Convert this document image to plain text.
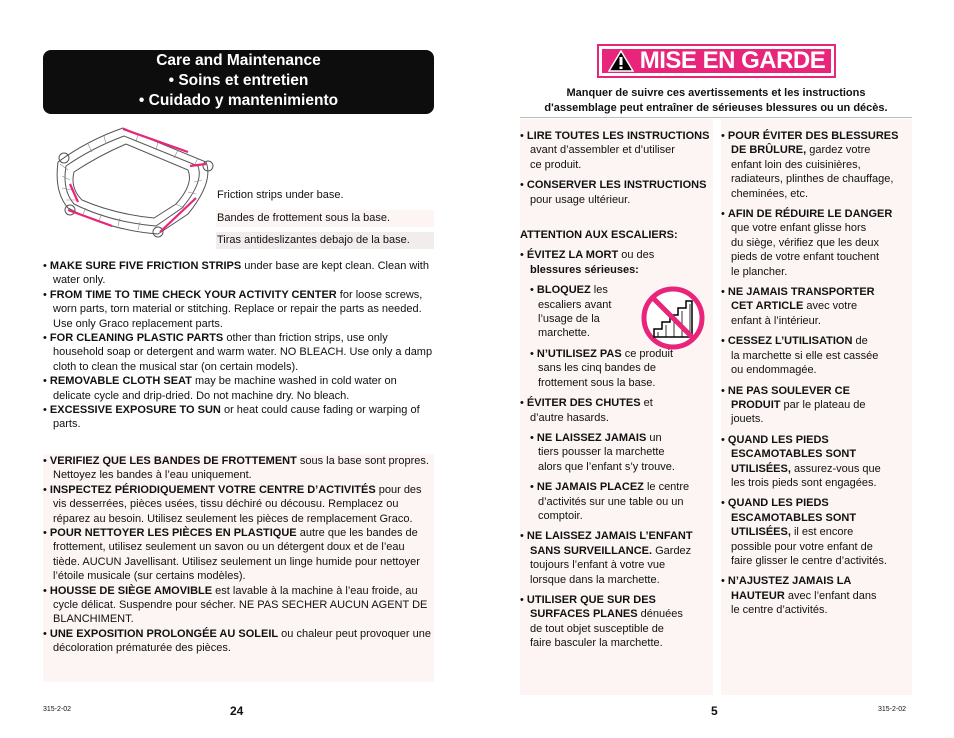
Care and Maintenance
• Soins et entretien
• Cuidado y mantenimiento
Friction strips under base.
Bandes de frottement sous la base.
Tiras antideslizantes debajo de la base.

• MAKE SURE FIVE FRICTION STRIPS under base are kept clean. Clean with water only.

• FROM TIME TO TIME CHECK YOUR ACTIVITY CENTER for loose screws, worn parts, torn material or stitching. Replace or repair the parts as needed. Use only Graco replacement parts.

• FOR CLEANING PLASTIC PARTS other than friction strips, use only household soap or detergent and warm water. NO BLEACH. Use only a damp cloth to clean the musical star (on certain models).

• REMOVABLE CLOTH SEAT may be machine washed in cold water on delicate cycle and drip-dried. Do not machine dry. No bleach.

• EXCESSIVE EXPOSURE TO SUN or heat could cause fading or warping of parts.

• VERIFIEZ QUE LES BANDES DE FROTTEMENT sous la base sont propres. Nettoyez les bandes à l’eau uniquement.

• INSPECTEZ PÉRIODIQUEMENT VOTRE CENTRE D’ACTIVITÉS pour des vis desserrées, pièces usées, tissu déchiré ou décousu. Remplacez ou réparez au besoin. Utilisez seulement les pièces de remplacement Graco.

• POUR NETTOYER LES PIÈCES EN PLASTIQUE autre que les bandes de frottement, utilisez seulement un savon ou un détergent doux et de l’eau tiède. AUCUN Javellisant. Utilisez seulement un linge humide pour nettoyer l’étoile musicale (sur certains modèles).

• HOUSSE DE SIÈGE AMOVIBLE est lavable à la machine à l’eau froide, au cycle délicat. Suspendre pour sécher. NE PAS SECHER AUCUN AGENT DE BLANCHIMENT.

• UNE EXPOSITION PROLONGÉE AU SOLEIL ou chaleur peut provoquer une décoloration prématurée des pièces.

315-2-02	24
MISE EN GARDE
Manquer de suivre ces avertissements et les instructions
d'assemblage peut entraîner de sérieuses blessures ou un décès.

• LIRE TOUTES LES INSTRUCTIONS
avant d’assembler et d’utiliser
ce produit.

• CONSERVER LES INSTRUCTIONS
pour usage ultérieur.

ATTENTION AUX ESCALIERS:

• ÉVITEZ LA MORT ou des
blessures sérieuses:

• BLOQUEZ les
escaliers avant
l’usage de la
marchette.

• N’UTILISEZ PAS ce produit
sans les cinq bandes de
frottement sous la base.

• ÉVITER DES CHUTES et
d’autre hasards.

• NE LAISSEZ JAMAIS un
tiers pousser la marchette
alors que l’enfant s’y trouve.

• NE JAMAIS PLACEZ le centre
d’activités sur une table ou un
comptoir.

• NE LAISSEZ JAMAIS L’ENFANT
SANS SURVEILLANCE. Gardez
toujours l’enfant à votre vue
lorsque dans la marchette.

• UTILISER QUE SUR DES
SURFACES PLANES dénuées
de tout objet susceptible de
faire basculer la marchette.

• POUR ÉVITER DES BLESSURES
DE BRÛLURE, gardez votre
enfant loin des cuisinières,
radiateurs, plinthes de chauffage,
cheminées, etc.

• AFIN DE RÉDUIRE LE DANGER
que votre enfant glisse hors
du siège, vérifiez que les deux
pieds de votre enfant touchent
le plancher.

• NE JAMAIS TRANSPORTER
CET ARTICLE avec votre
enfant à l’intérieur.

• CESSEZ L’UTILISATION de
la marchette si elle est cassée
ou endommagée.

• NE PAS SOULEVER CE
PRODUIT par le plateau de
jouets.

• QUAND LES PIEDS
ESCAMOTABLES SONT
UTILISÉES, assurez-vous que
les trois pieds sont engagées.

• QUAND LES PIEDS
ESCAMOTABLES SONT
UTILISÉES, il est encore
possible pour votre enfant de
faire glisser le centre d’activités.

• N’AJUSTEZ JAMAIS LA
HAUTEUR avec l’enfant dans
le centre d’activités.

5	315-2-02
